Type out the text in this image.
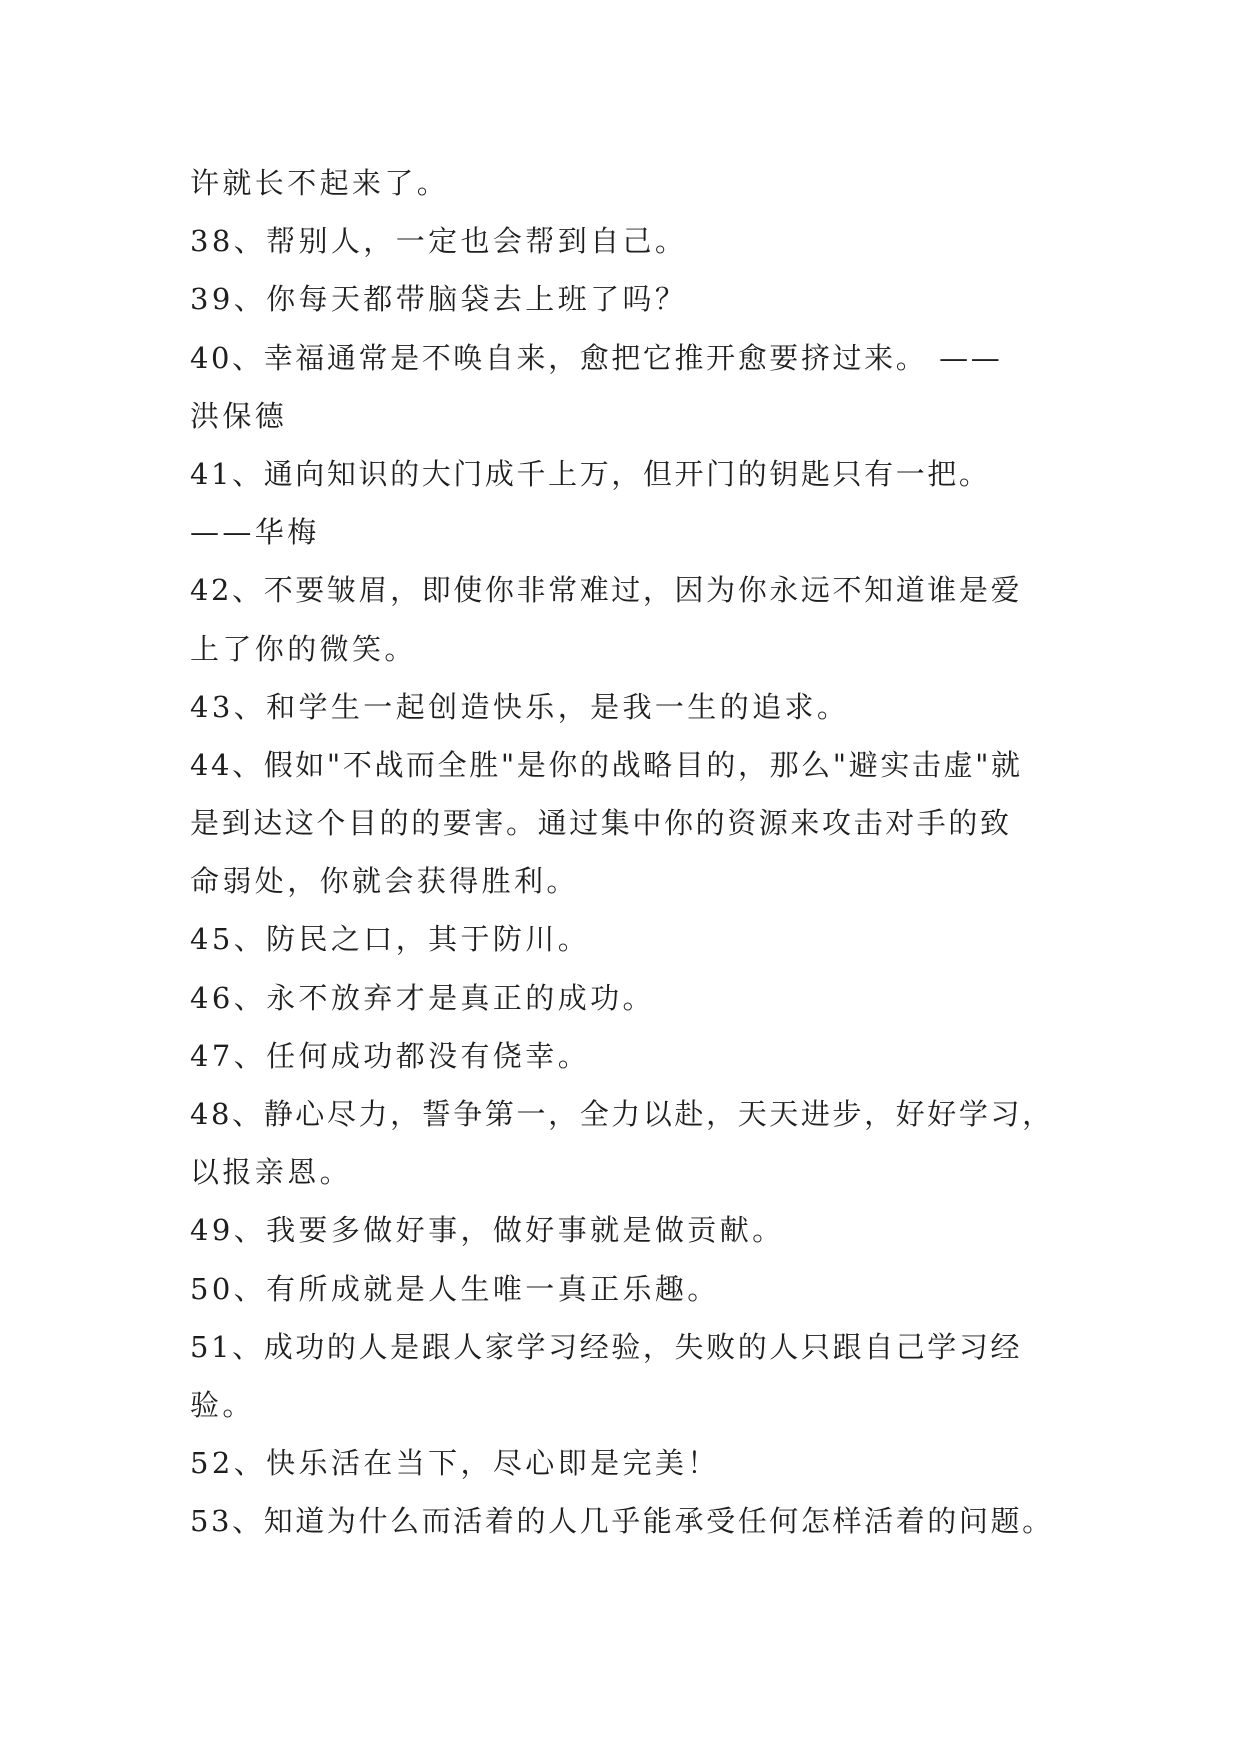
许就长不起来了。
38、帮别人，一定也会帮到自己。
39、你每天都带脑袋去上班了吗？
40、幸福通常是不唤自来，愈把它推开愈要挤过来。 ——
洪保德
41、通向知识的大门成千上万，但开门的钥匙只有一把。
——华梅
42、不要皱眉，即使你非常难过，因为你永远不知道谁是爱
上了你的微笑。
43、和学生一起创造快乐，是我一生的追求。
44、假如"不战而全胜"是你的战略目的，那么"避实击虚"就
是到达这个目的的要害。通过集中你的资源来攻击对手的致
命弱处，你就会获得胜利。
45、防民之口，其于防川。
46、永不放弃才是真正的成功。
47、任何成功都没有侥幸。
48、静心尽力，誓争第一，全力以赴，天天进步，好好学习，
以报亲恩。
49、我要多做好事，做好事就是做贡献。
50、有所成就是人生唯一真正乐趣。
51、成功的人是跟人家学习经验，失败的人只跟自己学习经
验。
52、快乐活在当下，尽心即是完美！
53、知道为什么而活着的人几乎能承受任何怎样活着的问题。
